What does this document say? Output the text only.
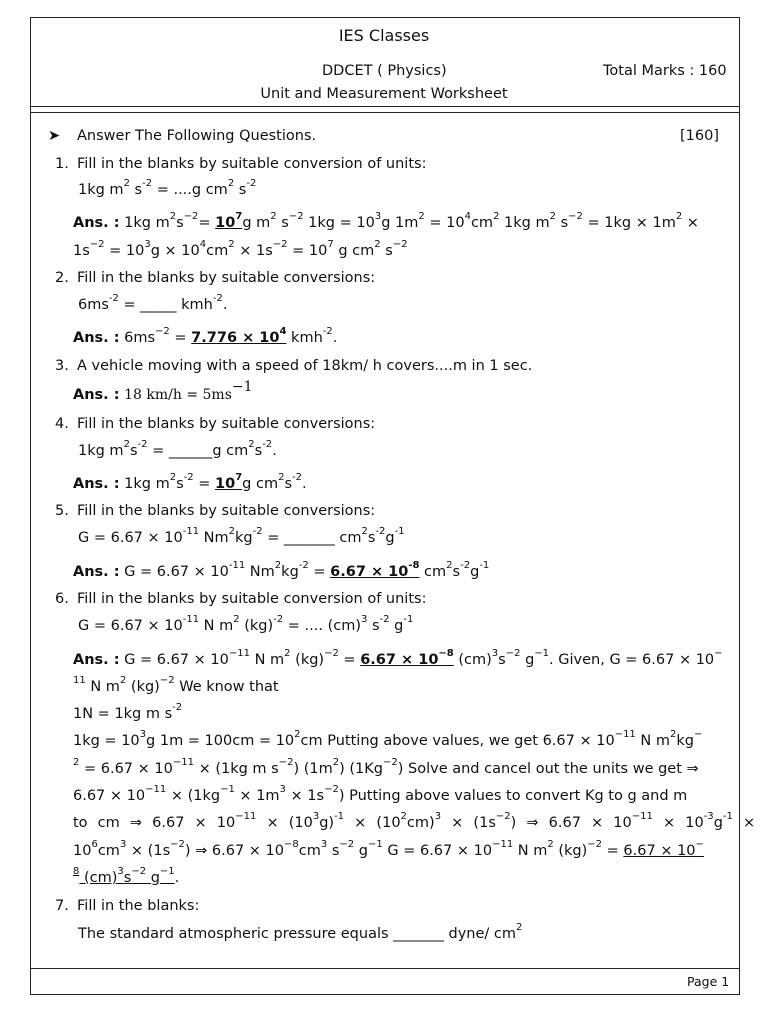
IES Classes
DDCET ( Physics)	Total Marks : 160
Unit and Measurement Worksheet
➤ Answer The Following Questions.	[160]
1. Fill in the blanks by suitable conversion of units:
1kg $m^2$ $s^{-2} = ....g$ $cm^2$ $s^{-2}$
Ans. : 1kg $m^2s^{-2}= 10^7g$ $m^2$ $s^{-2}$ $1kg = 10^3g$ $1m^2 = 10^4cm^2$ 1kg $m^2$ $s^{-2} = 1kg \times 1m^2$ ×
$1s^{-2} = 10^3g \times 10^4cm^2 \times 1s^{-2} = 10^7$ g $cm^2$ $s^{-2}$
2. Fill in the blanks by suitable conversions:
$6ms^{-2}$ = _____ kmh$^{-2}$.
Ans. : $6ms^{-2} = 7.776 \times 10^4$ kmh$^{-2}$.
3. A vehicle moving with a speed of 18km/ h covers....m in 1 sec.
Ans. : 18 $km/h = 5ms^{-1}$
4. Fill in the blanks by suitable conversions:
1kg $m^2s^{-2}$ = ______g $cm^2s^{-2}$.
Ans. : 1kg $m^2s^{-2} = 10^7g$ $cm^2s^{-2}$.
5. Fill in the blanks by suitable conversions:
$G = 6.67 \times 10^{-11}$ $Nm^2kg^{-2}$ = _______ $cm^2s^{-2}g^{-1}$
Ans. : $G = 6.67 \times 10^{-11}$ $Nm^2kg^{-2} = 6.67 \times 10^{-8}$ $cm^2s^{-2}g^{-1}$
6. Fill in the blanks by suitable conversion of units:
$G = 6.67 \times 10^{-11}$ N $m^2$ (kg)$^{-2}$ = .... (cm)$^3$ $s^{-2}$ $g^{-1}$
Ans. : $G = 6.67 \times 10^{-11}$ N $m^2$ $(kg)^{-2} = 6.67 \times 10^{-8}$ $(cm)^3s^{-2}$ $g^{-1}$. Given, G = 6.67 × 10−
$^{11}$ N $m^2$ (kg)$^{-2}$ We know that
1N = 1kg m $s^{-2}$
$1kg = 10^3g$ $1m = 100cm = 10^2cm$ Putting above values, we get $6.67 \times 10^{-11}$ N $m^2kg^-$
$^2 = 6.67 \times 10^{-11} \times (1kg$ m $s^{-2}$) $(1m^2)$ $(1Kg^{-2})$ Solve and cancel out the units we get ⇒
$6.67 \times 10^{-11} \times (1kg^{-1} \times 1m^3 \times 1s^{-2})$ Putting above values to convert Kg to g and m
to cm ⇒ $6.67 \times 10^{-11} \times (10^3g)^{-1} \times (10^2cm)^3 \times (1s^{-2})$ ⇒ $6.67 \times 10^{-11} \times 10^{-3}g^{-1}$ ×
$10^6cm^3 \times (1s^{-2})$ ⇒ $6.67 \times 10^{-8}cm^3$ $s^{-2}$ $g^{-1}$ $G = 6.67 \times 10^{-11}$ N $m^2$ (kg)$^{-2}$ = 6.67 × 10−
$^8$ $(cm)^3s^{-2}$ $g^{-1}$.
7. Fill in the blanks:
The standard atmospheric pressure equals _______ dyne/ $cm^2$
Page 1
